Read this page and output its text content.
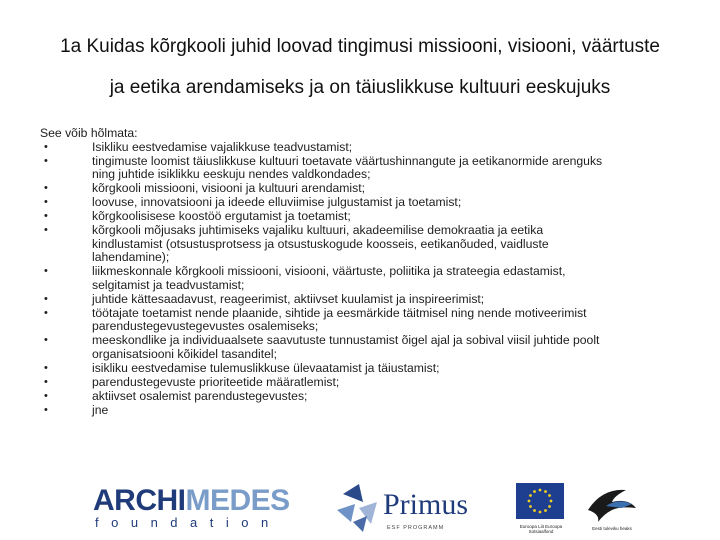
1a Kuidas kõrgkooli juhid loovad tingimusi missiooni, visiooni, väärtuste
ja eetika arendamiseks ja on täiuslikkuse kultuuri eeskujuks
See võib hõlmata:
•	Isikliku eestvedamise vajalikkuse teadvustamist;
•	tingimuste loomist täiuslikkuse kultuuri toetavate väärtushinnangute ja eetikanormide arenguks
ning juhtide isiklikku eeskuju nendes valdkondades;
•	kõrgkooli missiooni, visiooni ja kultuuri arendamist;
•	loovuse, innovatsiooni ja ideede elluviimise julgustamist ja toetamist;
•	kõrgkoolisisese koostöö ergutamist ja toetamist;
•	kõrgkooli mõjusaks juhtimiseks vajaliku kultuuri, akadeemilise demokraatia ja eetika
kindlustamist (otsustusprotsess ja otsustuskogude koosseis, eetikanõuded, vaidluste
lahendamine);
•	liikmeskonnale kõrgkooli missiooni, visiooni, väärtuste, poliitika ja strateegia edastamist,
selgitamist ja teadvustamist;
•	juhtide kättesaadavust, reageerimist, aktiivset kuulamist ja inspireerimist;
•	töötajate toetamist nende plaanide, sihtide ja eesmärkide täitmisel ning nende motiveerimist
parendustegevustegevustes osalemiseks;
•	meeskondlike ja individuaalsete saavutuste tunnustamist õigel ajal ja sobival viisil juhtide poolt
organisatsiooni kõikidel tasanditel;
•	isikliku eestvedamise tulemuslikkuse ülevaatamist ja täiustamist;
•	parendustegevuste prioriteetide määratlemist;
•	aktiivset osalemist parendustegevustes;
•	jne
ARCHIMEDES
foundation
Primus
ESF PROGRAMM	Euroopa Liit Euroopa Sotsiaalfond
Eesti tuleviku heaks
